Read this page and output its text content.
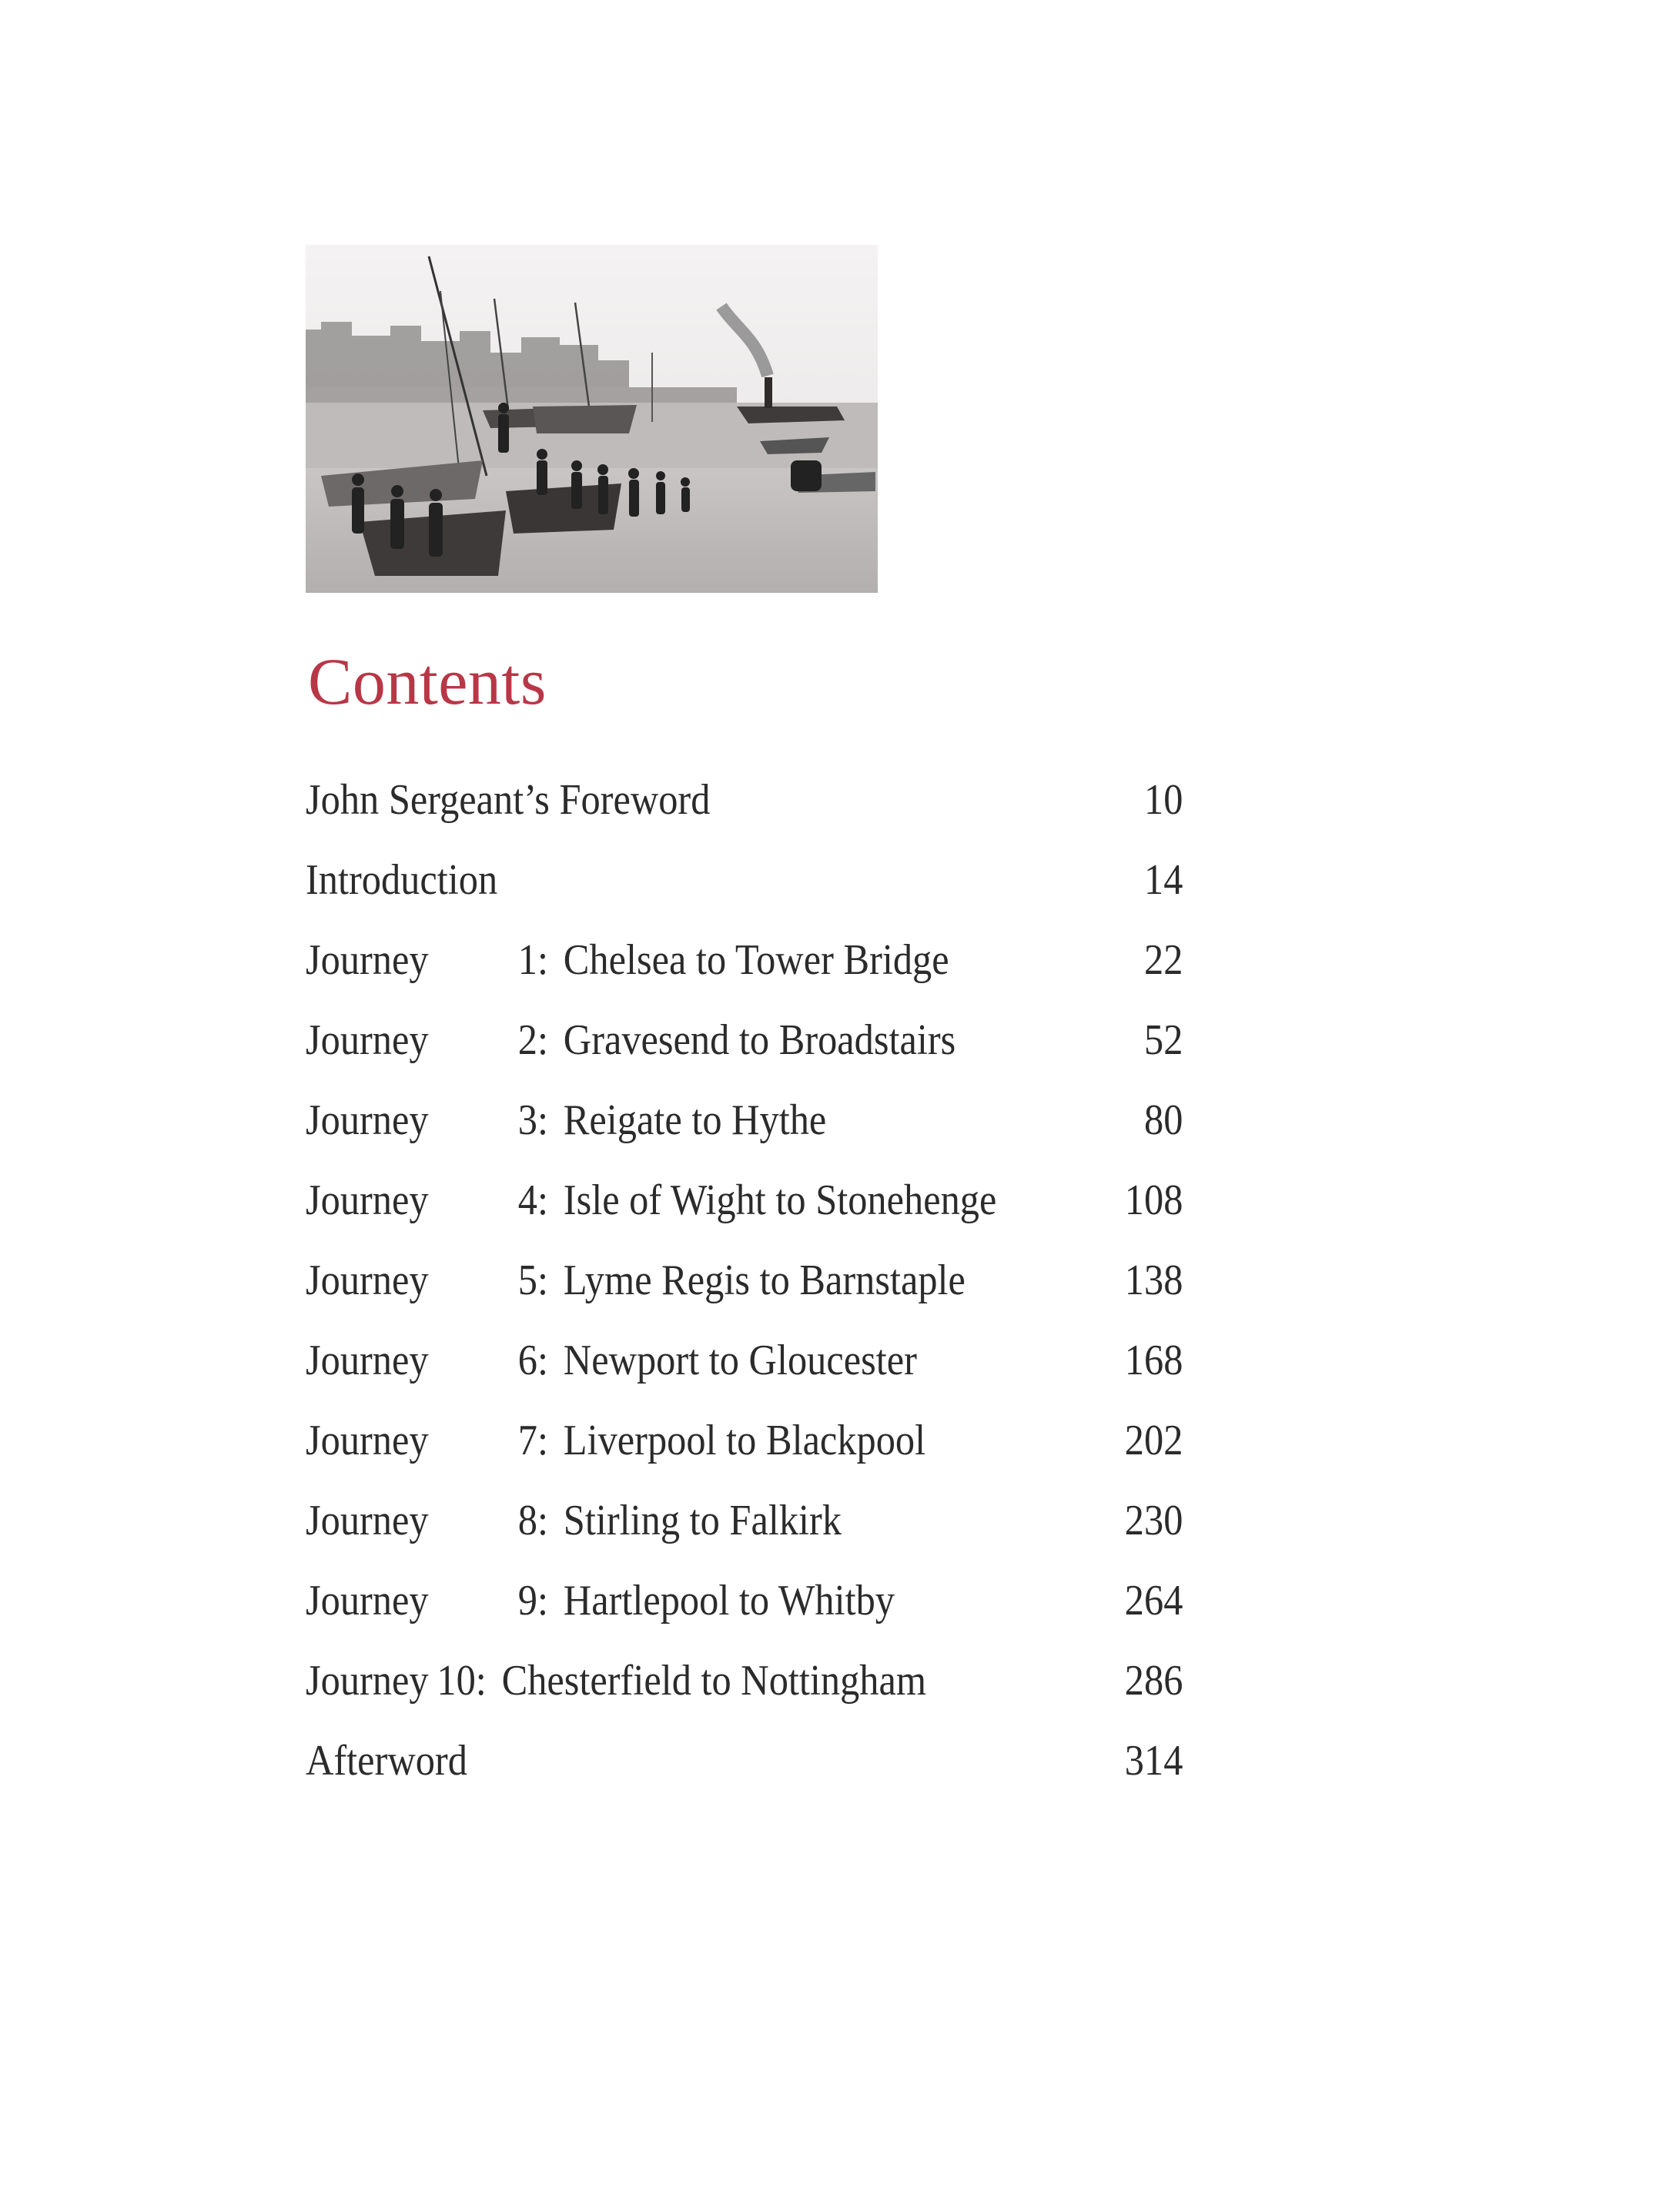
Contents
John Sergeant’s Foreword	10
Introduction	14
Journey 1: Chelsea to Tower Bridge	22
Journey 2: Gravesend to Broadstairs	52
Journey 3: Reigate to Hythe	80
Journey 4: Isle of Wight to Stonehenge	108
Journey 5: Lyme Regis to Barnstaple	138
Journey 6: Newport to Gloucester	168
Journey 7: Liverpool to Blackpool	202
Journey 8: Stirling to Falkirk	230
Journey 9: Hartlepool to Whitby	264
Journey 10: Chesterfield to Nottingham	286
Afterword	314
